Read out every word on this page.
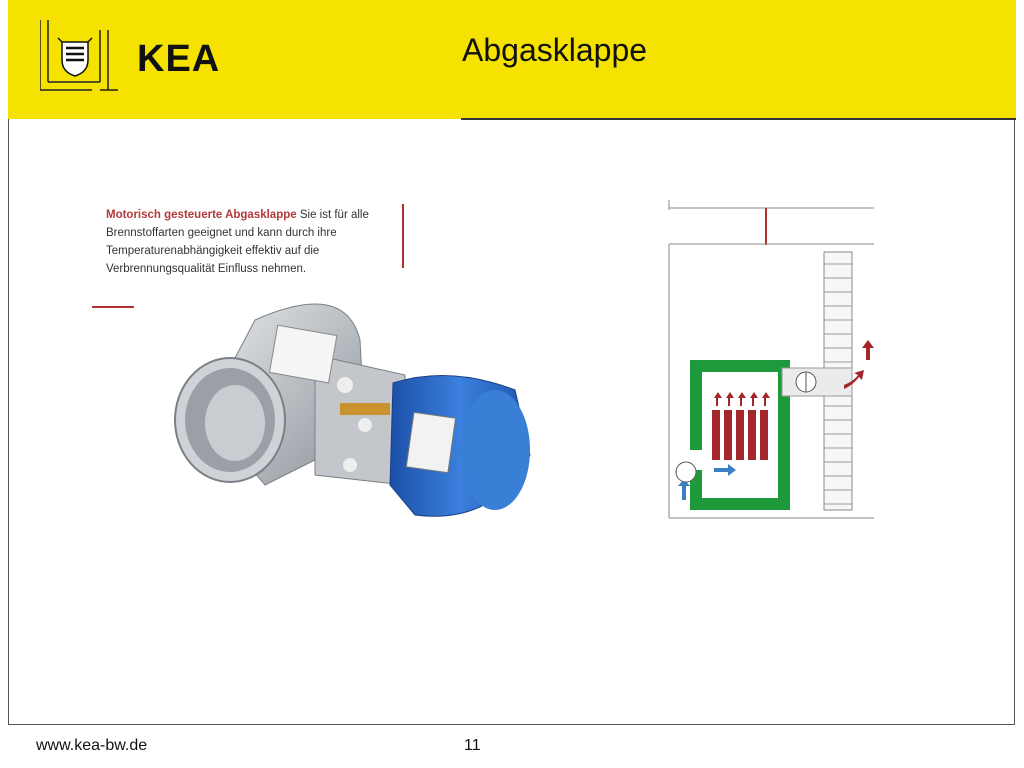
KEA	Abgasklappe
Motorisch gesteuerte Abgasklappe Sie ist für alle Brennstoffarten geeignet und kann durch ihre Temperaturenabhängigkeit effektiv auf die Verbrennungsqualität Einfluss nehmen.
www.kea-bw.de	11
